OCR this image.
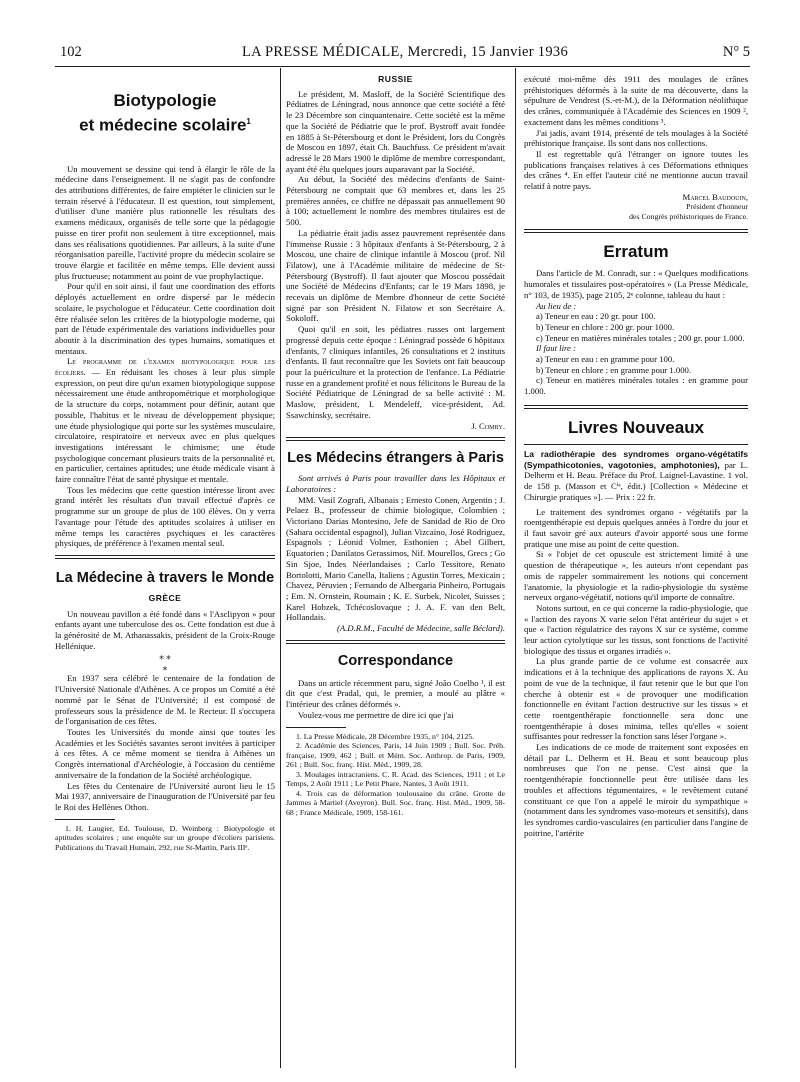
LA PRESSE MÉDICALE, Mercredi, 15 Janvier 1936
102	N° 5

Biotypologie

et médecine scolaire$^1$

Un mouvement se dessine qui tend à élargir le rôle de la médecine dans l'enseignement. Il ne s'agit pas de confondre des attributions différentes, de faire empiéter le clinicien sur le terrain réservé à l'éducateur. Il est question, tout simplement, d'utiliser d'une manière plus rationnelle les résultats des examens médicaux, organisés de telle sorte que la pédagogie puisse en tirer profit non seulement à titre exceptionnel, mais dans ses réalisations quotidiennes. Par ailleurs, à la suite d'une réorganisation pareille, l'activité propre du médecin scolaire se trouve élargie et facilitée en même temps. Elle devient aussi plus fructueuse; notamment au point de vue prophylactique.

Pour qu'il en soit ainsi, il faut une coordination des efforts déployés actuellement en ordre dispersé par le médecin scolaire, le psychologue et l'éducateur. Cette coordination doit être réalisée selon les critères de la biotypologie moderne, qui part de l'étude expérimentale des variations individuelles pour aboutir à la discrimination des types humains, somatiques et mentaux.

Le programme de l'examen biotypologique pour les écoliers. — En réduisant les choses à leur plus simple expression, on peut dire qu'un examen biotypologique suppose nécessairement une étude anthropométrique et morphologique de la structure du corps, notamment pour définir, autant que possible, l'habitus et le niveau de développement physique; une étude physiologique qui porte sur les systèmes musculaire, circulatoire, respiratoire et nerveux avec en plus quelques investigations intéressant le chimisme; une étude psychologique concernant plusieurs traits de la personnalité et, en particulier, certaines aptitudes; une étude médicale visant à faire connaître l'état de santé physique et mentale.

Tous les médecins que cette question intéresse liront avec grand intérêt les résultats d'un travail effectué d'après ce programme sur un groupe de plus de 100 élèves. On y verra l'avantage pour l'étude des aptitudes scolaires à utiliser en même temps les caractères psychiques et les caractères physiques, de préférence à l'examen mental seul.

La Médecine à travers le Monde

GRÈCE

Un nouveau pavillon a été fondé dans « l'Asclipyon » pour enfants ayant une tuberculose des os. Cette fondation est due à la générosité de M. Athanassakis, président de la Croix-Rouge Hellénique.

⁎ ⁎
⁎

En 1937 sera célébré le centenaire de la fondation de l'Université Nationale d'Athènes. A ce propos un Comité a été nommé par le Sénat de l'Université; il est composé de professeurs sous la présidence de M. le Recteur. Il s'occupera de l'organisation de ces fêtes.

Toutes les Universités du monde ainsi que toutes les Académies et les Sociétés savantes seront invitées à participer à ces fêtes. A ce même moment se tiendra à Athènes un Congrès international d'Archéologie, à l'occasion du centième anniversaire de la fondation de la Société archéologique.

Les fêtes du Centenaire de l'Université auront lieu le 15 Mai 1937, anniversaire de l'inauguration de l'Université par feu le Roi des Hellènes Othon.

1. H. Laugier, Ed. Toulouse, D. Weinberg : Biotypologie et aptitudes scolaires ; une enquête sur un groupe d'écoliers parisiens. Publications du Travail Humain, 292, rue St-Martin, Paris IIIᵉ.

RUSSIE

Le président, M. Masloff, de la Société Scientifique des Pédiatres de Léningrad, nous annonce que cette société a fêté le 23 Décembre son cinquantenaire. Cette société est la même que la Société de Pédiatrie que le prof. Bystroff avait fondée en 1885 à St-Pétersbourg et dont le Président, lors du Congrès de Moscou en 1897, était Ch. Bauchfuss. Ce président m'avait adressé le 28 Mars 1900 le diplôme de membre correspondant, ayant été élu quelques jours auparavant par la Société.

Au début, la Société des médecins d'enfants de Saint-Pétersbourg ne comptait que 63 membres et, dans les 25 premières années, ce chiffre ne dépassait pas annuellement 90 à 100; actuellement le nombre des membres titulaires est de 500.

La pédiatrie était jadis assez pauvrement représentée dans l'immense Russie : 3 hôpitaux d'enfants à St-Pétersbourg, 2 à Moscou, une chaire de clinique infantile à Moscou (prof. Nil Filatow), une à l'Académie militaire de médecine de St-Pétersbourg (Bystroff). Il faut ajouter que Moscou possédait une Société de Médecins d'Enfants; car le 19 Mars 1898, je recevais un diplôme de Membre d'honneur de cette Société signé par son Président N. Filatow et son Secrétaire A. Sokoloff.

Quoi qu'il en soit, les pédiatres russes ont largement progressé depuis cette époque : Léningrad possède 6 hôpitaux d'enfants, 7 cliniques infantiles, 26 consultations et 2 instituts d'enfants. Il faut reconnaître que les Soviets ont fait beaucoup pour la puériculture et la protection de l'enfance. La Pédiatrie russe en a grandement profité et nous félicitons le Bureau de la Société Pédiatrique de Léningrad de sa belle activité : M. Maslow, président, I. Mendeleff, vice-président, Ad. Ssawchinsky, secrétaire.

J. Comby.

Les Médecins étrangers à Paris

Sont arrivés à Paris pour travailler dans les Hôpitaux et Laboratoires :

MM. Vasil Zografi, Albanais ; Ernesto Conen, Argentin ; J. Pelaez B., professeur de chimie biologique, Colombien ; Victoriano Darias Montesino, Jefe de Sanidad de Rio de Oro (Sahara occidental espagnol), Julian Vizcaino, José Rodriguez, Espagnols ; Léonid Volmer, Esthonien ; Abel Gilbert, Equatorien ; Danilatos Gerassimos, Nif. Mourellos, Grecs ; Go Sin Sjoe, Indes Néerlandaises ; Carlo Tessitore, Renato Bortolotti, Mario Canella, Italiens ; Agustin Torres, Mexicain ; Chavez, Péruvien ; Fernando de Albergaria Pinheiro, Portugais ; Em. N. Ornstein, Roumain ; K. E. Surbek, Nicolet, Suisses ; Karel Hobzek, Tchécoslovaque ; J. A. F. van den Belt, Hollandais.

(A.D.R.M., Faculté de Médecine, salle Béclard).

Correspondance

Dans un article récemment paru, signé João Coelho ¹, il est dit que c'est Pradal, qui, le premier, a moulé au plâtre « l'intérieur des crânes déformés ».

Voulez-vous me permettre de dire ici que j'ai

1. La Presse Médicale, 28 Décembre 1935, n° 104, 2125.

2. Académie des Sciences, Paris, 14 Juin 1909 ; Bull. Soc. Préh. française, 1909, 462 ; Bull. et Mém. Soc. Anthrop. de Paris, 1909, 261 ; Bull. Soc. franç. Hist. Méd., 1909, 28.

3. Moulages intracraniens. C. R. Acad. des Sciences, 1911 ; et Le Temps, 2 Août 1911 ; Le Petit Phare, Nantes, 3 Août 1911.

4. Trois cas de déformation toulousaine du crâne. Grotte de Jammes à Martiel (Aveyron). Bull. Soc. franç. Hist. Méd., 1909, 58-68 ; France Médicale, 1909, 158-161.

exécuté moi-même dès 1911 des moulages de crânes préhistoriques déformés à la suite de ma découverte, dans la sépulture de Vendrest (S.-et-M.), de la Déformation néolithique des crânes, communiquée à l'Académie des Sciences en 1909 ², exactement dans les mêmes conditions ³.

J'ai jadis, avant 1914, présenté de tels moulages à la Société préhistorique française. Ils sont dans nos collections.

Il est regrettable qu'à l'étranger on ignore toutes les publications françaises relatives à ces Déformations ethniques des crânes ⁴. En effet l'auteur cité ne mentionne aucun travail relatif à notre pays.

Marcel Baudouin,

Président d'honneur

des Congrès préhistoriques de France.

Erratum

Dans l'article de M. Conradt, sur : « Quelques modifications humorales et tissulaires post-opératoires » (La Presse Médicale, n° 103, de 1935), page 2105, 2ᵉ colonne, tableau du haut :

Au lieu de :

a) Teneur en eau : 20 gr. pour 100.

b) Teneur en chlore : 200 gr. pour 1000.

c) Teneur en matières minérales totales ; 200 gr. pour 1.000.

Il faut lire :

a) Teneur en eau : en gramme pour 100.

b) Teneur en chlore : en gramme pour 1.000.

c) Teneur en matières minérales totales : en gramme pour 1.000.

Livres Nouveaux

La radiothérapie des syndromes organo-végétatifs (Sympathicotonies, vagotonies, amphotonies), par L. Delherm et H. Beau. Préface du Prof. Laignel-Lavastine. 1 vol. de 158 p. (Masson et Cⁱᵉ, édit.) [Collection « Médecine et Chirurgie pratiques »]. — Prix : 22 fr.

Le traitement des syndromes organo - végétatifs par la roentgenthérapie est depuis quelques années à l'ordre du jour et il faut savoir gré aux auteurs d'avoir apporté sous une forme pratique une mise au point de cette question.

Si « l'objet de cet opuscule est strictement limité à une question de thérapeutique », les auteurs n'ont cependant pas omis de rappeler sommairement les notions qui concernent l'anatomie, la physiologie et la radio-physiologie du système nerveux organo-végétatif, notions qu'il importe de connaître.

Notons surtout, en ce qui concerne la radio-physiologie, que « l'action des rayons X varie selon l'état antérieur du sujet » et que « l'action régulatrice des rayons X sur ce système, comme leur action cytolytique sur les tissus, sont fonctions de l'activité biologique des tissus et organes irradiés ».

La plus grande partie de ce volume est consacrée aux indications et à la technique des applications de rayons X. Au point de vue de la technique, il faut retenir que le but que l'on cherche à obtenir est « de provoquer une modification fonctionnelle en évitant l'action destructive sur les tissus » et cette roentgenthérapie fonctionnelle sera donc une roentgenthérapie à doses minima, telles qu'elles « soient suffisantes pour redresser la fonction sans léser l'organe ».

Les indications de ce mode de traitement sont exposées en détail par L. Delherm et H. Beau et sont beaucoup plus nombreuses que l'on ne pense. C'est ainsi que la roentgenthérapie fonctionnelle peut être utilisée dans les troubles et affections tégumentaires, « le revêtement cutané constituant ce que l'on a appelé le miroir du sympathique » (notamment dans les syndromes vaso-moteurs et sensitifs), dans les syndromes cardio-vasculaires (en particulier dans l'angine de poitrine, l'artérite
